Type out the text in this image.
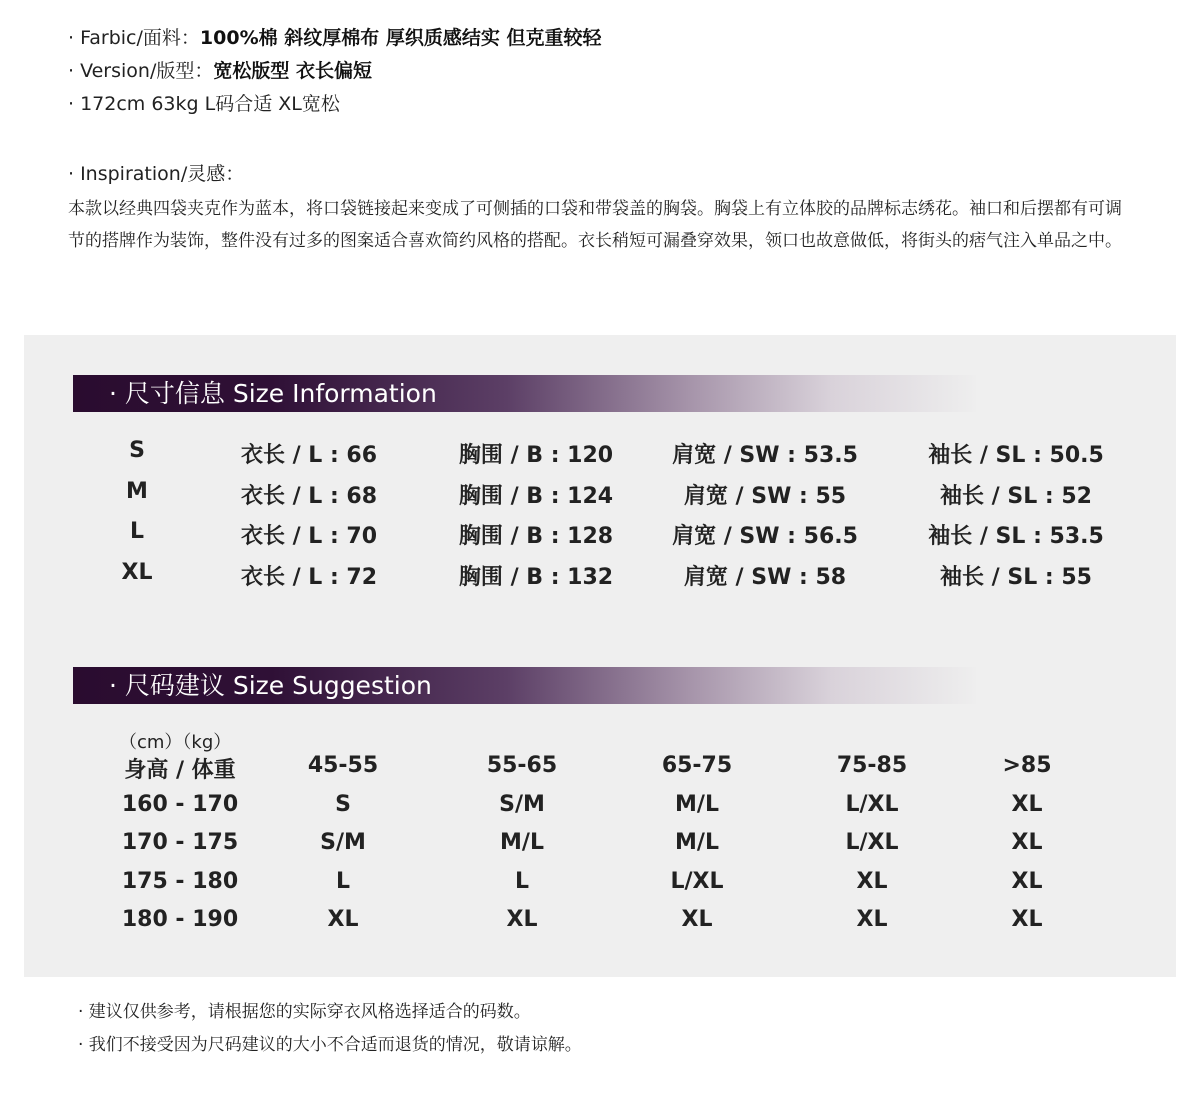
· Farbic/面料：100%棉 斜纹厚棉布 厚织质感结实 但克重较轻
· Version/版型：宽松版型 衣长偏短
· 172cm 63kg L码合适 XL宽松
· Inspiration/灵感：
本款以经典四袋夹克作为蓝本，将口袋链接起来变成了可侧插的口袋和带袋盖的胸袋。胸袋上有立体胶的品牌标志绣花。袖口和后摆都有可调节的搭牌作为装饰，整件没有过多的图案适合喜欢简约风格的搭配。衣长稍短可漏叠穿效果，领口也故意做低，将街头的痞气注入单品之中。
· 尺寸信息 Size Information
S	衣长 / L : 66	胸围 / B : 120	肩宽 / SW : 53.5	袖长 / SL : 50.5
M	衣长 / L : 68	胸围 / B : 124	肩宽 / SW : 55	袖长 / SL : 52
L	衣长 / L : 70	胸围 / B : 128	肩宽 / SW : 56.5	袖长 / SL : 53.5
XL	衣长 / L : 72	胸围 / B : 132	肩宽 / SW : 58	袖长 / SL : 55
· 尺码建议 Size Suggestion
（cm）（kg）
身高 / 体重	45-55	55-65	65-75	75-85	>85
160 - 170	S	S/M	M/L	L/XL	XL
170 - 175	S/M	M/L	M/L	L/XL	XL
175 - 180	L	L	L/XL	XL	XL
180 - 190	XL	XL	XL	XL	XL
· 建议仅供参考，请根据您的实际穿衣风格选择适合的码数。
· 我们不接受因为尺码建议的大小不合适而退货的情况，敬请谅解。
